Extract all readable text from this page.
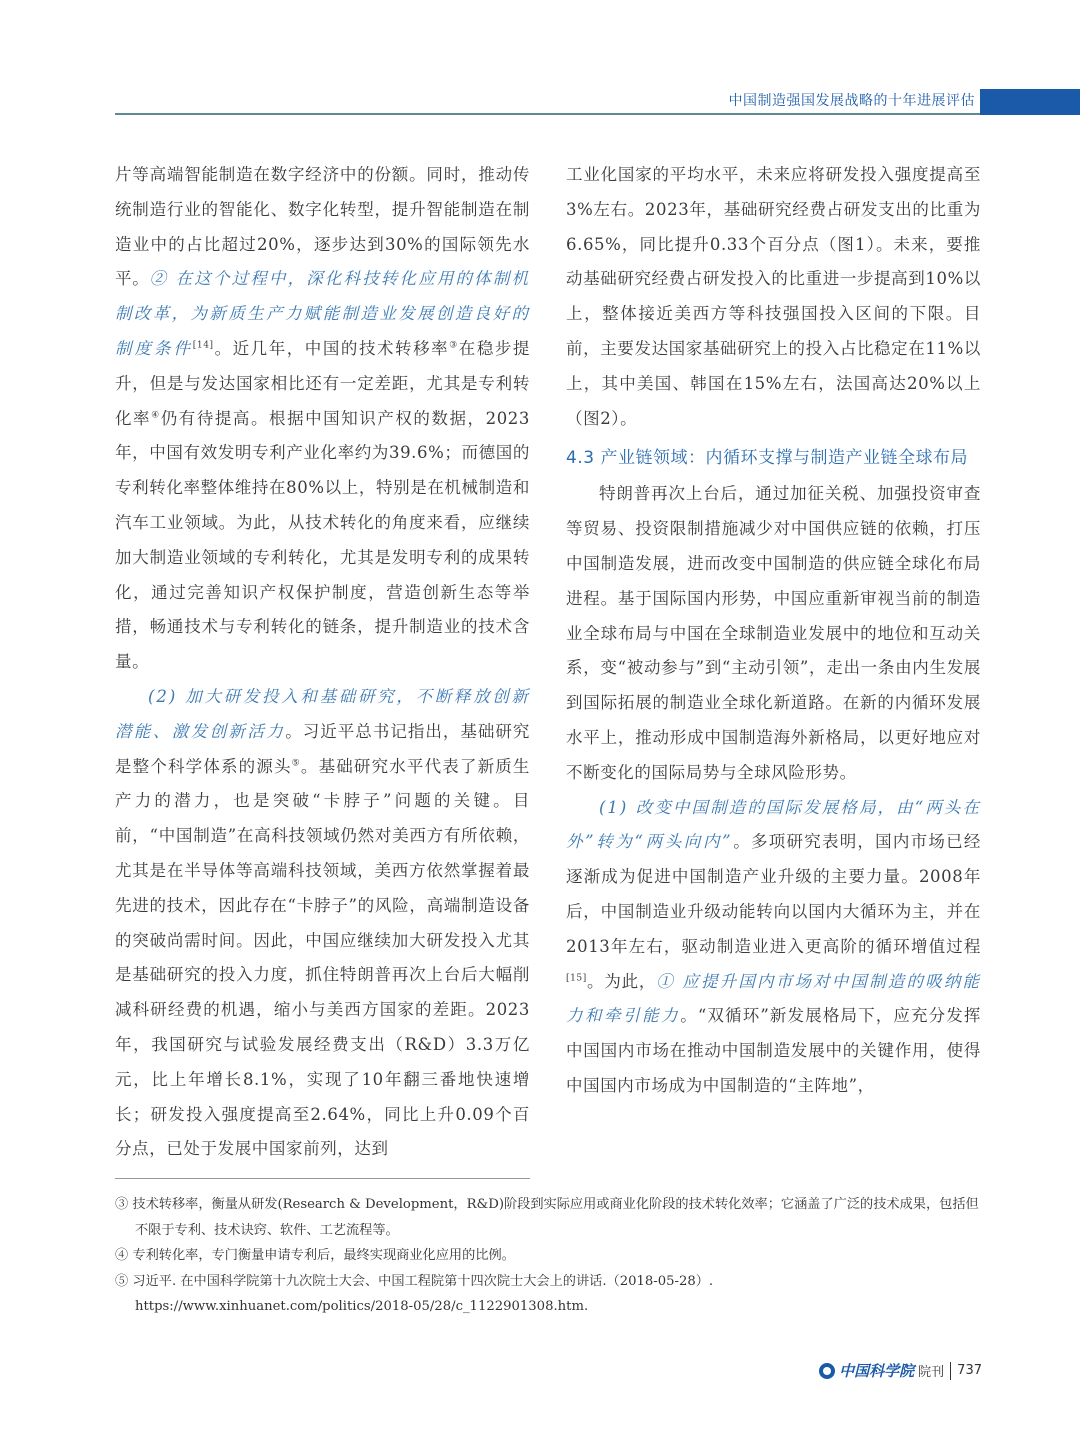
中国制造强国发展战略的十年进展评估

片等高端智能制造在数字经济中的份额。同时，推动传统制造行业的智能化、数字化转型，提升智能制造在制造业中的占比超过20%，逐步达到30%的国际领先水平。② 在这个过程中，深化科技转化应用的体制机制改革，为新质生产力赋能制造业发展创造良好的制度条件[14]。近几年，中国的技术转移率③在稳步提升，但是与发达国家相比还有一定差距，尤其是专利转化率④仍有待提高。根据中国知识产权的数据，2023年，中国有效发明专利产业化率约为39.6%；而德国的专利转化率整体维持在80%以上，特别是在机械制造和汽车工业领域。为此，从技术转化的角度来看，应继续加大制造业领域的专利转化，尤其是发明专利的成果转化，通过完善知识产权保护制度，营造创新生态等举措，畅通技术与专利转化的链条，提升制造业的技术含量。

(2) 加大研发投入和基础研究，不断释放创新潜能、激发创新活力。习近平总书记指出，基础研究是整个科学体系的源头⑤。基础研究水平代表了新质生产力的潜力，也是突破“卡脖子”问题的关键。目前，“中国制造”在高科技领域仍然对美西方有所依赖，尤其是在半导体等高端科技领域，美西方依然掌握着最先进的技术，因此存在“卡脖子”的风险，高端制造设备的突破尚需时间。因此，中国应继续加大研发投入尤其是基础研究的投入力度，抓住特朗普再次上台后大幅削减科研经费的机遇，缩小与美西方国家的差距。2023年，我国研究与试验发展经费支出（R&D）3.3万亿元，比上年增长8.1%，实现了10年翻三番地快速增长；研发投入强度提高至2.64%，同比上升0.09个百分点，已处于发展中国家前列，达到

工业化国家的平均水平，未来应将研发投入强度提高至3%左右。2023年，基础研究经费占研发支出的比重为6.65%，同比提升0.33个百分点（图1）。未来，要推动基础研究经费占研发投入的比重进一步提高到10%以上，整体接近美西方等科技强国投入区间的下限。目前，主要发达国家基础研究上的投入占比稳定在11%以上，其中美国、韩国在15%左右，法国高达20%以上（图2）。

4.3 产业链领域：内循环支撑与制造产业链全球布局

特朗普再次上台后，通过加征关税、加强投资审查等贸易、投资限制措施减少对中国供应链的依赖，打压中国制造发展，进而改变中国制造的供应链全球化布局进程。基于国际国内形势，中国应重新审视当前的制造业全球布局与中国在全球制造业发展中的地位和互动关系，变“被动参与”到“主动引领”，走出一条由内生发展到国际拓展的制造业全球化新道路。在新的内循环发展水平上，推动形成中国制造海外新格局，以更好地应对不断变化的国际局势与全球风险形势。

(1) 改变中国制造的国际发展格局，由“两头在外”转为“两头向内”。多项研究表明，国内市场已经逐渐成为促进中国制造产业升级的主要力量。2008年后，中国制造业升级动能转向以国内大循环为主，并在2013年左右，驱动制造业进入更高阶的循环增值过程[15]。为此，① 应提升国内市场对中国制造的吸纳能力和牵引能力。“双循环”新发展格局下，应充分发挥中国国内市场在推动中国制造发展中的关键作用，使得中国国内市场成为中国制造的“主阵地”，

③ 技术转移率，衡量从研发(Research & Development，R&D)阶段到实际应用或商业化阶段的技术转化效率；它涵盖了广泛的技术成果，包括但不限于专利、技术诀窍、软件、工艺流程等。

④ 专利转化率，专门衡量申请专利后，最终实现商业化应用的比例。

⑤ 习近平. 在中国科学院第十九次院士大会、中国工程院第十四次院士大会上的讲话.（2018-05-28）. https://www.xinhuanet.com/politics/2018-05/28/c_1122901308.htm.

中国科学院 院刊 737
